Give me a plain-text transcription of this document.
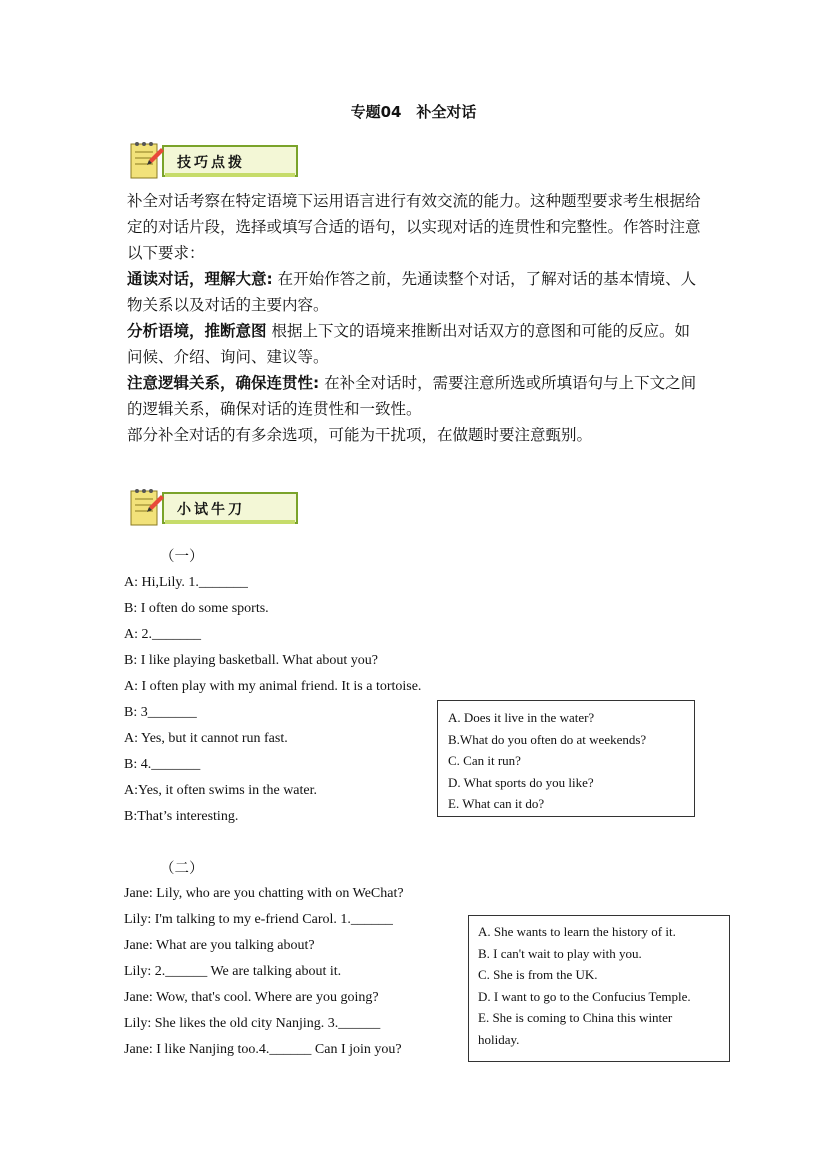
专题04　补全对话
技巧点拨

补全对话考察在特定语境下运用语言进行有效交流的能力。这种题型要求考生根据给定的对话片段，选择或填写合适的语句，以实现对话的连贯性和完整性。作答时注意以下要求：

通读对话，理解大意: 在开始作答之前，先通读整个对话，了解对话的基本情境、人物关系以及对话的主要内容。

分析语境，推断意图 根据上下文的语境来推断出对话双方的意图和可能的反应。如问候、介绍、询问、建议等。

注意逻辑关系，确保连贯性: 在补全对话时，需要注意所选或所填语句与上下文之间的逻辑关系，确保对话的连贯性和一致性。

部分补全对话的有多余选项，可能为干扰项，在做题时要注意甄别。

小试牛刀
（一）
A: Hi,Lily. 1._______
B: I often do some sports.
A: 2._______
B: I like playing basketball. What about you?
A: I often play with my animal friend. It is a tortoise.
B: 3_______
A: Yes, but it cannot run fast.
B: 4._______
A:Yes, it often swims in the water.
B:That’s interesting.
A. Does it live in the water?
B.What do you often do at weekends?
C. Can it run?
D. What sports do you like?
E. What can it do?
（二）
Jane: Lily, who are you chatting with on WeChat?
Lily: I'm talking to my e-friend Carol. 1.______
Jane: What are you talking about?
Lily: 2.______ We are talking about it.
Jane: Wow, that's cool. Where are you going?
Lily: She likes the old city Nanjing. 3.______
Jane: I like Nanjing too.4.______ Can I join you?
A. She wants to learn the history of it.
B. I can't wait to play with you.
C. She is from the UK.
D. I want to go to the Confucius Temple.
E. She is coming to China this winter
holiday.
